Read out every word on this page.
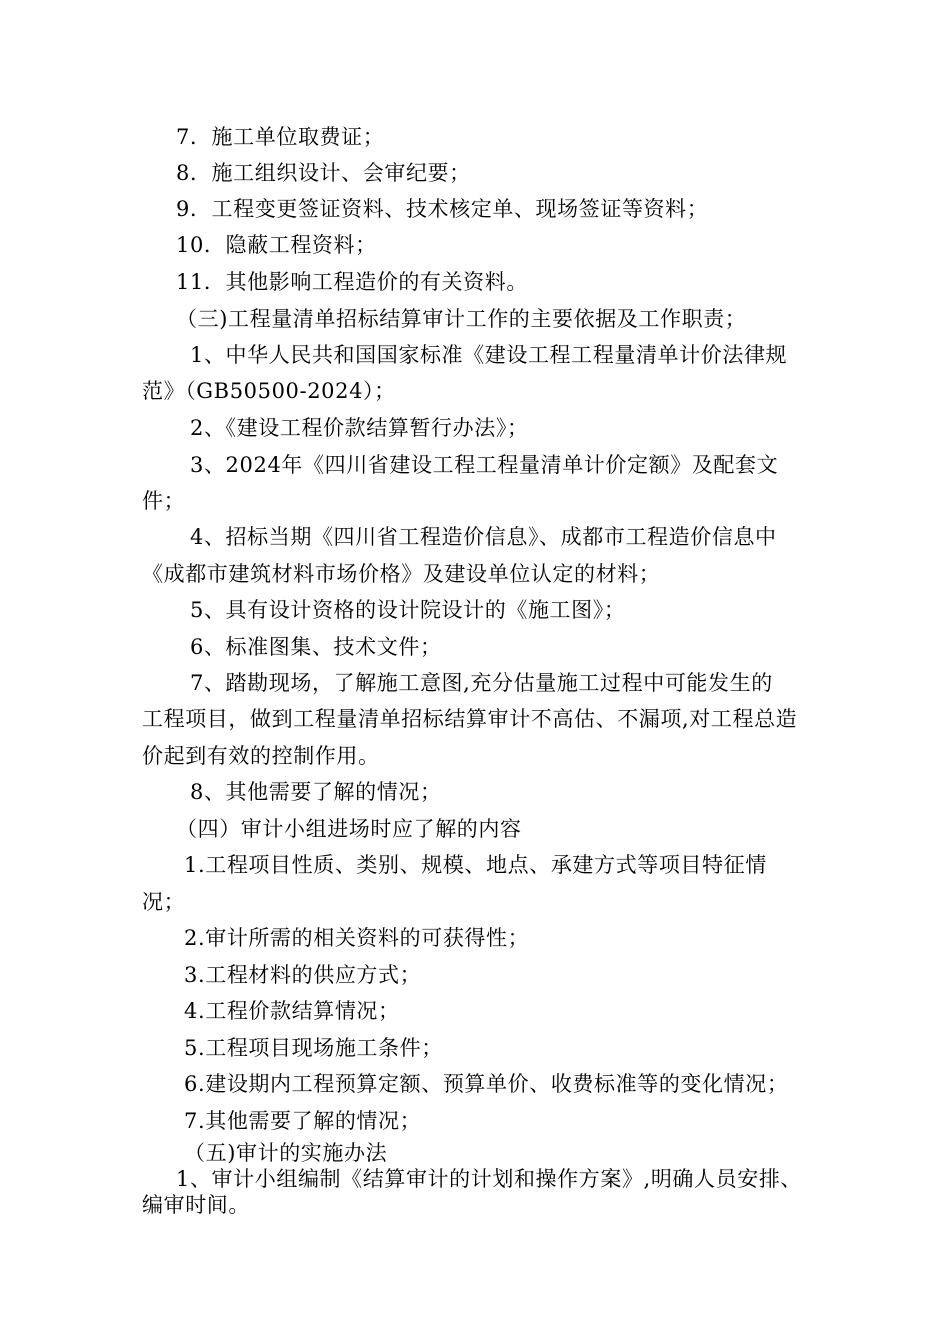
7．施工单位取费证；
8．施工组织设计、会审纪要；
9．工程变更签证资料、技术核定单、现场签证等资料；
10．隐蔽工程资料；
11．其他影响工程造价的有关资料。
（三)工程量清单招标结算审计工作的主要依据及工作职责；
1、中华人民共和国国家标准《建设工程工程量清单计价法律规
范》（GB50500-2024）；
2、《建设工程价款结算暂行办法》；
3、2024年《四川省建设工程工程量清单计价定额》及配套文
件；
4、招标当期《四川省工程造价信息》、成都市工程造价信息中
《成都市建筑材料市场价格》及建设单位认定的材料；
5、具有设计资格的设计院设计的《施工图》；
6、标准图集、技术文件；
7、踏勘现场，了解施工意图,充分估量施工过程中可能发生的
工程项目，做到工程量清单招标结算审计不高估、不漏项,对工程总造
价起到有效的控制作用。
8、其他需要了解的情况；
（四）审计小组进场时应了解的内容
1.工程项目性质、类别、规模、地点、承建方式等项目特征情
况；
2.审计所需的相关资料的可获得性；
3.工程材料的供应方式；
4.工程价款结算情况；
5.工程项目现场施工条件；
6.建设期内工程预算定额、预算单价、收费标准等的变化情况；
7.其他需要了解的情况；
（五)审计的实施办法
1、审计小组编制《结算审计的计划和操作方案》,明确人员安排、
编审时间。
